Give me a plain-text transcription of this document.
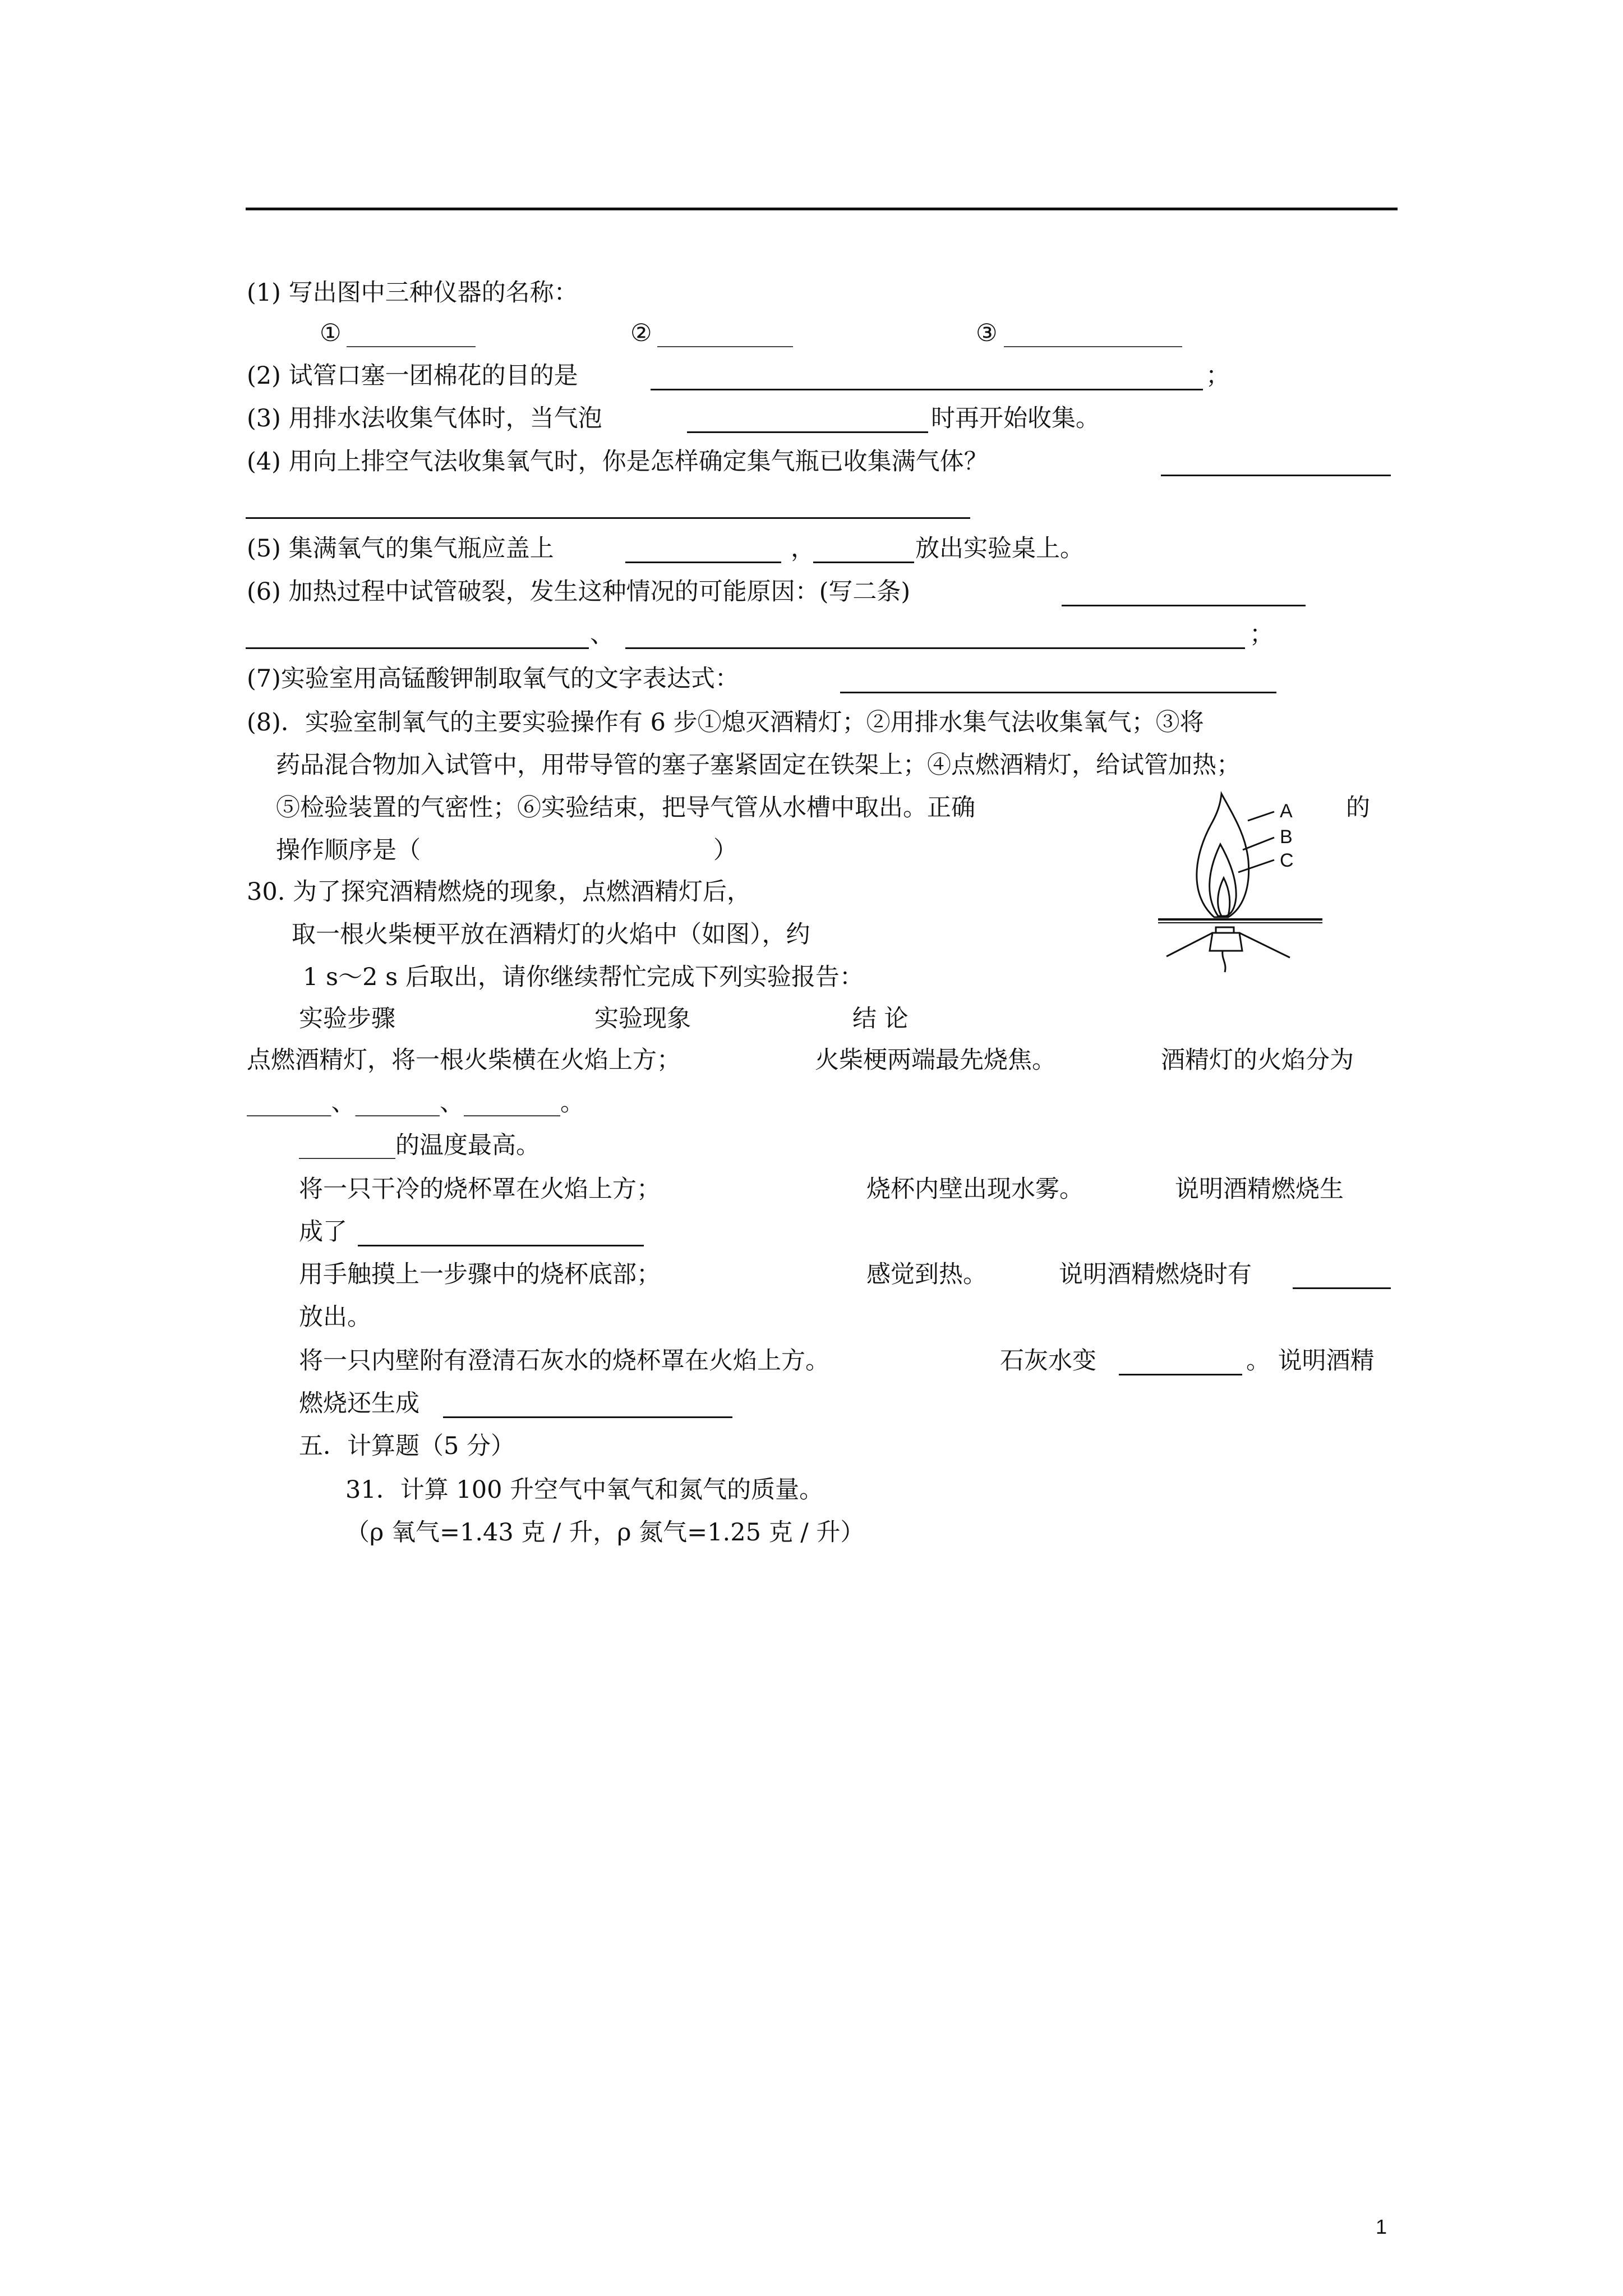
(1) 写出图中三种仪器的名称：
①	②	③
(2) 试管口塞一团棉花的目的是	；
(3) 用排水法收集气体时，当气泡	时再开始收集。
(4) 用向上排空气法收集氧气时，你是怎样确定集气瓶已收集满气体？
(5) 集满氧气的集气瓶应盖上	，	放出实验桌上。
(6) 加热过程中试管破裂，发生这种情况的可能原因：(写二条)
、	；
(7)实验室用高锰酸钾制取氧气的文字表达式：
(8)．实验室制氧气的主要实验操作有 6 步①熄灭酒精灯；②用排水集气法收集氧气；③将
药品混合物加入试管中，用带导管的塞子塞紧固定在铁架上；④点燃酒精灯，给试管加热；
⑤检验装置的气密性；⑥实验结束，把导气管从水槽中取出。正确	的
操作顺序是（	）
A
B
C
30. 为了探究酒精燃烧的现象，点燃酒精灯后，
取一根火柴梗平放在酒精灯的火焰中（如图），约
1 s～2 s 后取出，请你继续帮忙完成下列实验报告：
实验步骤	实验现象	结 论
点燃酒精灯，将一根火柴横在火焰上方；	火柴梗两端最先烧焦。	酒精灯的火焰分为
_______、_______、________。
________的温度最高。
将一只干冷的烧杯罩在火焰上方；	烧杯内壁出现水雾。	说明酒精燃烧生
成了
用手触摸上一步骤中的烧杯底部；	感觉到热。	说明酒精燃烧时有
放出。
将一只内壁附有澄清石灰水的烧杯罩在火焰上方。	石灰水变	。 说明酒精
燃烧还生成
五．计算题（5 分）
31．计算 100 升空气中氧气和氮气的质量。
（ρ 氧气=1.43 克 / 升，ρ 氮气=1.25 克 / 升）
1
